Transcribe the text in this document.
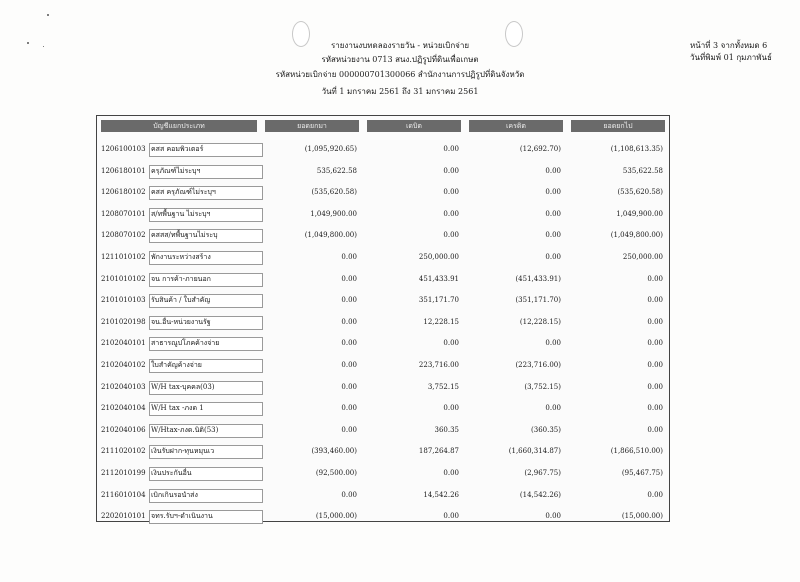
รายงานงบทดลองรายวัน - หน่วยเบิกจ่าย
รหัสหน่วยงาน 0713 สนง.ปฏิรูปที่ดินเพื่อเกษต
รหัสหน่วยเบิกจ่าย 000000701300066 สำนักงานการปฏิรูปที่ดินจังหวัด
วันที่ 1 มกราคม 2561 ถึง 31 มกราคม 2561
หน้าที่ 3 จากทั้งหมด 6
วันที่พิมพ์ 01 กุมภาพันธ์
บัญชีแยกประเภท	ยอดยกมา	เดบิต	เครดิต	ยอดยกไป
1206100103 คสส คอมพิวเตอร์	(1,095,920.65)	0.00	(12,692.70)	(1,108,613.35)
1206180101 ครุภัณฑ์ไม่ระบุฯ	535,622.58	0.00	0.00	535,622.58
1206180102 คสส ครุภัณฑ์ไม่ระบุฯ	(535,620.58)	0.00	0.00	(535,620.58)
1208070101 ส/ทพื้นฐาน ไม่ระบุฯ	1,049,900.00	0.00	0.00	1,049,900.00
1208070102 คสสส/ทพื้นฐานไม่ระบุ	(1,049,800.00)	0.00	0.00	(1,049,800.00)
1211010102 พักงานระหว่างสร้าง	0.00	250,000.00	0.00	250,000.00
2101010102 จน การค้า-ภายนอก	0.00	451,433.91	(451,433.91)	0.00
2101010103 รับสินค้า / ใบสำคัญ	0.00	351,171.70	(351,171.70)	0.00
2101020198 จน.อื่น-หน่วยงานรัฐ	0.00	12,228.15	(12,228.15)	0.00
2102040101 สาธารณูปโภคค้างจ่าย	0.00	0.00	0.00	0.00
2102040102 ใบสำคัญค้างจ่าย	0.00	223,716.00	(223,716.00)	0.00
2102040103 W/H tax-บุคคล(03)	0.00	3,752.15	(3,752.15)	0.00
2102040104 W/H tax -ภงด 1	0.00	0.00	0.00	0.00
2102040106 W/Htax-ภงด.นิติ(53)	0.00	360.35	(360.35)	0.00
2111020102 เงินรับฝาก-ทุนหมุนเว	(393,460.00)	187,264.87	(1,660,314.87)	(1,866,510.00)
2112010199 เงินประกันอื่น	(92,500.00)	0.00	(2,967.75)	(95,467.75)
2116010104 เบิกเกินรอนำส่ง	0.00	14,542.26	(14,542.26)	0.00
2202010101 จทร.รับฯ-ดำเนินงาน	(15,000.00)	0.00	0.00	(15,000.00)
